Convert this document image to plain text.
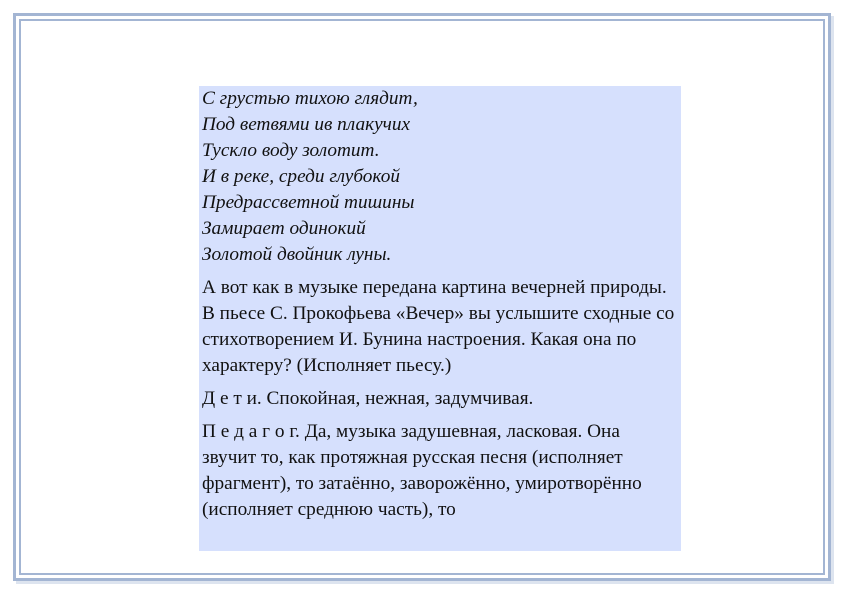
С грустью тихою глядит,
Под ветвями ив плакучих
Тускло воду золотит.
И в реке, среди глубокой
Предрассветной тишины
Замирает одинокий
Золотой двойник луны.
А вот как в музыке передана картина вечерней природы. В пьесе С. Прокофьева «Вечер» вы услышите сходные со стихотворением И. Бунина настроения. Какая она по характеру? (Исполняет пьесу.)
Д е т и. Спокойная, нежная, задумчивая.
П е д а г о г. Да, музыка задушевная, ласковая. Она звучит то, как протяжная русская песня (исполняет фрагмент), то затаённо, заворожённо, умиротворённо (исполняет среднюю часть), то
